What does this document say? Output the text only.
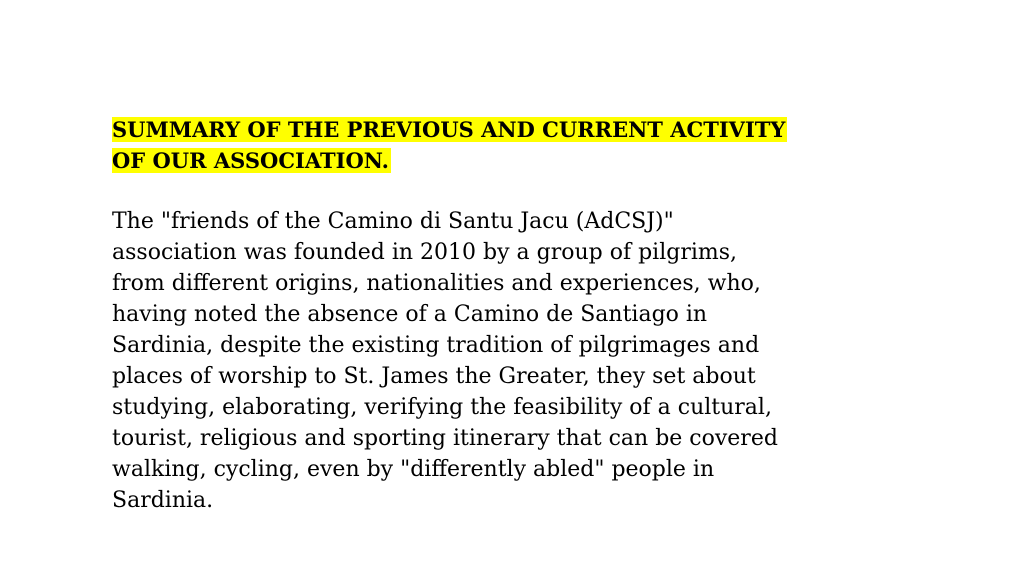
SUMMARY OF THE PREVIOUS AND CURRENT ACTIVITY
OF OUR ASSOCIATION.

The "friends of the Camino di Santu Jacu (AdCSJ)"
association was founded in 2010 by a group of pilgrims,
from different origins, nationalities and experiences, who,
having noted the absence of a Camino de Santiago in
Sardinia, despite the existing tradition of pilgrimages and
places of worship to St. James the Greater, they set about
studying, elaborating, verifying the feasibility of a cultural,
tourist, religious and sporting itinerary that can be covered
walking, cycling, even by "differently abled" people in
Sardinia.
